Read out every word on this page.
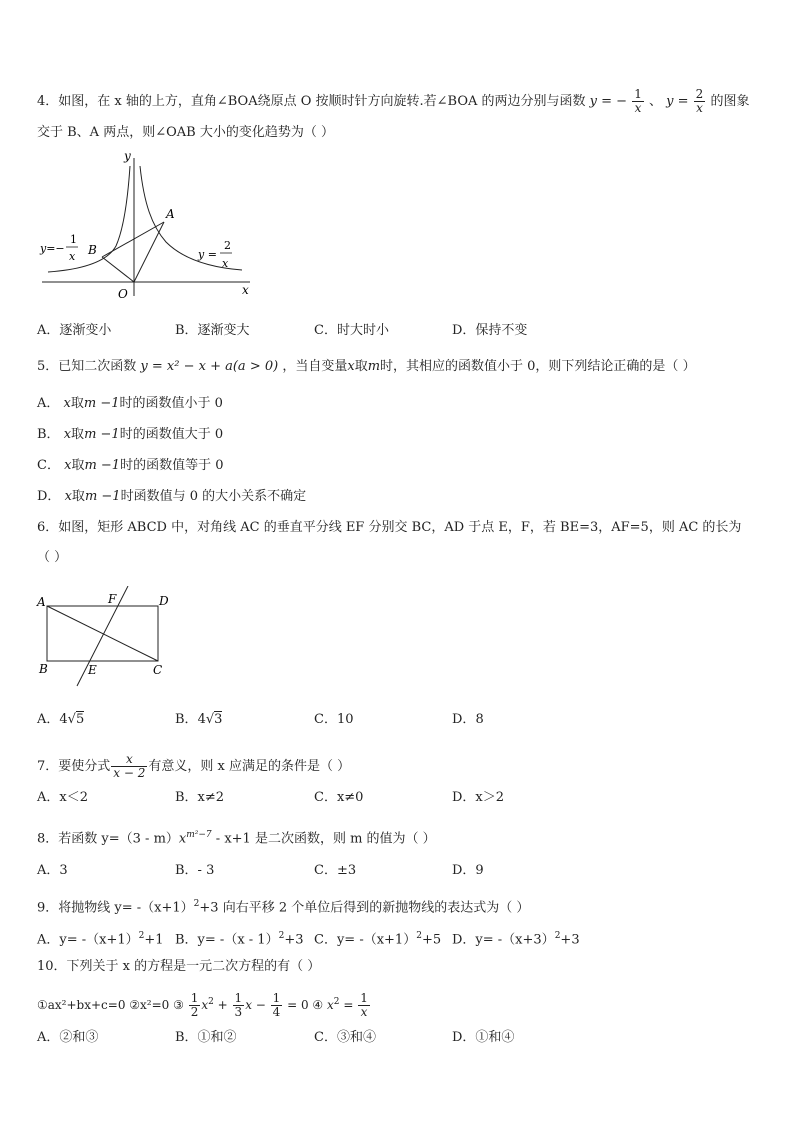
4．如图，在 x 轴的上方，直角∠BOA绕原点 O 按顺时针方向旋转.若∠BOA 的两边分别与函数 y = − $\frac{1}{x}$ 、 $y = \frac{2}{x}$ 的图象
交于 B、A 两点，则∠OAB 大小的变化趋势为（ ）
y
x
O
A
B
y=−
1
x	y =
2
x
A．逐渐变小	B．逐渐变大	C．时大时小	D．保持不变
5．已知二次函数 y = x² − x + a(a > 0) ，当自变量x取m时，其相应的函数值小于 0，则下列结论正确的是（ ）
A． x取m −1时的函数值小于 0
B． x取m −1时的函数值大于 0
C． x取m −1时的函数值等于 0
D． x取m −1时函数值与 0 的大小关系不确定
6．如图，矩形 ABCD 中，对角线 AC 的垂直平分线 EF 分别交 BC，AD 于点 E，F，若 BE=3，AF=5，则 AC 的长为
（ ）
A	F	D
B	E	C
A．4√5	B．4√3	C．10	D．8
7．要使分式 $\frac{x}{x - 2}$ 有意义，则 x 应满足的条件是（ ）
A．x＜2	B．x≠2	C．x≠0	D．x＞2
8．若函数 $y=(3 - m)x^{m^2-7} - x+1$ 是二次函数，则 m 的值为（ ）
A．3	B．- 3	C．±3	D．9
9．将抛物线 $y= -(x+1)^2+3$ 向右平移 2 个单位后得到的新抛物线的表达式为（ ）
A．$y= -(x+1)^2+1$ B．y= -（x - 1）$^2$+3 C．$y= -(x+1)^2+5$ D．$y= -(x+3)^2+3$
10．下列关于 x 的方程是一元二次方程的有（ ）
①ax²+bx+c=0 ②x²=0 ③ $\frac{1}{2} x^2 + \frac{1}{3}$ $x - \frac{1}{4} = 0$ ④ $x^2 = \frac{1}{x}$
A．②和③	B．①和②	C．③和④	D．①和④
